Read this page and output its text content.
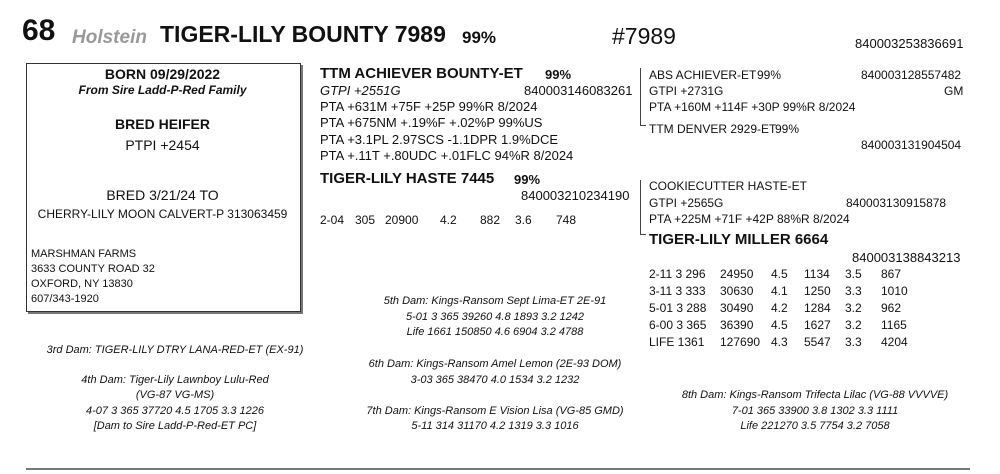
68 Holstein TIGER-LILY BOUNTY 7989 99%	#7989	840003253836691
BORN 09/29/2022
From Sire Ladd-P-Red Family
BRED HEIFER
PTPI +2454
BRED 3/21/24 TO
CHERRY-LILY MOON CALVERT-P 313063459
MARSHMAN FARMS
3633 COUNTY ROAD 32
OXFORD, NY 13830
607/343-1920
TTM ACHIEVER BOUNTY-ET 99%
GTPI +2551G	840003146083261
PTA +631M +75F +25P 99%R 8/2024
PTA +675NM +.19%F +.02%P 99%US
PTA +3.1PL 2.97SCS -1.1DPR 1.9%DCE
PTA +.11T +.80UDC +.01FLC 94%R 8/2024
TIGER-LILY HASTE 7445 99%
840003210234190
2-04 305 20900 4.2 882 3.6 748
ABS ACHIEVER-ET 99%	840003128557482
GTPI +2731G	GM
PTA +160M +114F +30P 99%R 8/2024
TTM DENVER 2929-ET
99%
840003131904504
COOKIECUTTER HASTE-ET
GTPI +2565G	840003130915878
PTA +225M +71F +42P 88%R 8/2024
TIGER-LILY MILLER 6664
840003138843213
2-11 3 296 24950 4.5 1134 3.5 867
3-11 3 333 30630 4.1 1250 3.3 1010
5-01 3 288 30490 4.2 1284 3.2 962
6-00 3 365 36390 4.5 1627 3.2 1165
LIFE 1361 127690 4.3 5547 3.3 4204
3rd Dam: TIGER-LILY DTRY LANA-RED-ET (EX-91)
4th Dam: Tiger-Lily Lawnboy Lulu-Red
(VG-87 VG-MS)
4-07 3 365 37720 4.5 1705 3.3 1226
[Dam to Sire Ladd-P-Red-ET PC]
5th Dam: Kings-Ransom Sept Lima-ET 2E-91
5-01 3 365 39260 4.8 1893 3.2 1242
Life 1661 150850 4.6 6904 3.2 4788
6th Dam: Kings-Ransom Amel Lemon (2E-93 DOM)
3-03 365 38470 4.0 1534 3.2 1232
7th Dam: Kings-Ransom E Vision Lisa (VG-85 GMD)
5-11 314 31170 4.2 1319 3.3 1016
8th Dam: Kings-Ransom Trifecta Lilac (VG-88 VVVVE)
7-01 365 33900 3.8 1302 3.3 1111
Life 221270 3.5 7754 3.2 7058
